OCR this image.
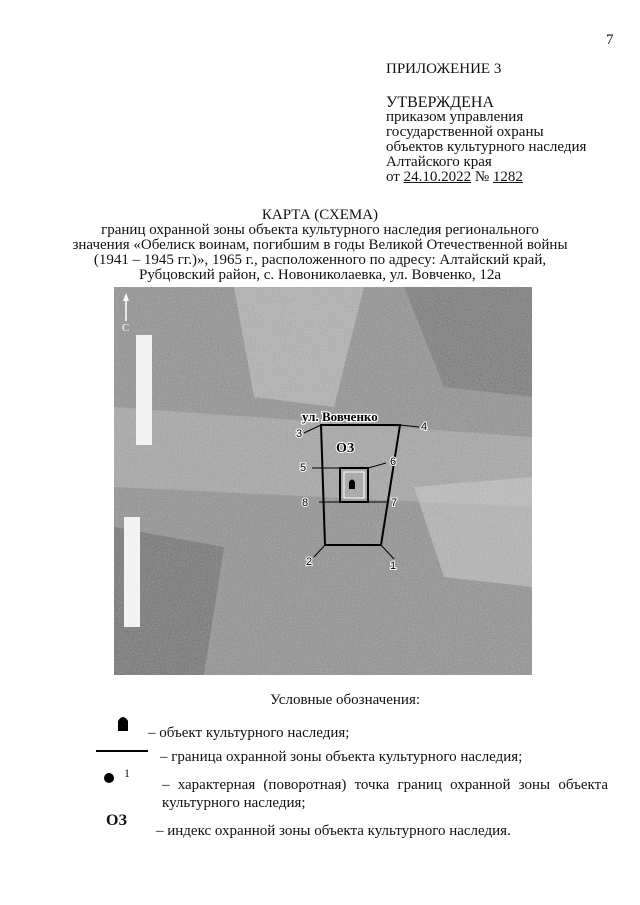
7
ПРИЛОЖЕНИЕ 3
УТВЕРЖДЕНА
приказом управления
государственной охраны
объектов культурного наследия
Алтайского края
от 24.10.2022 № 1282
КАРТА (СХЕМА)
границ охранной зоны объекта культурного наследия регионального
значения «Обелиск воинам, погибшим в годы Великой Отечественной войны
(1941 – 1945 гг.)», 1965 г., расположенного по адресу: Алтайский край,
Рубцовский район, с. Новониколаевка, ул. Вовченко, 12а
С
ул. Вовченко
ОЗ
1
2
3
4
5	6
7
8
Условные обозначения:
– объект культурного наследия;
– граница охранной зоны объекта культурного наследия;
1
– характерная (поворотная) точка границ охранной зоны объекта культурного наследия;
ОЗ
– индекс охранной зоны объекта культурного наследия.
